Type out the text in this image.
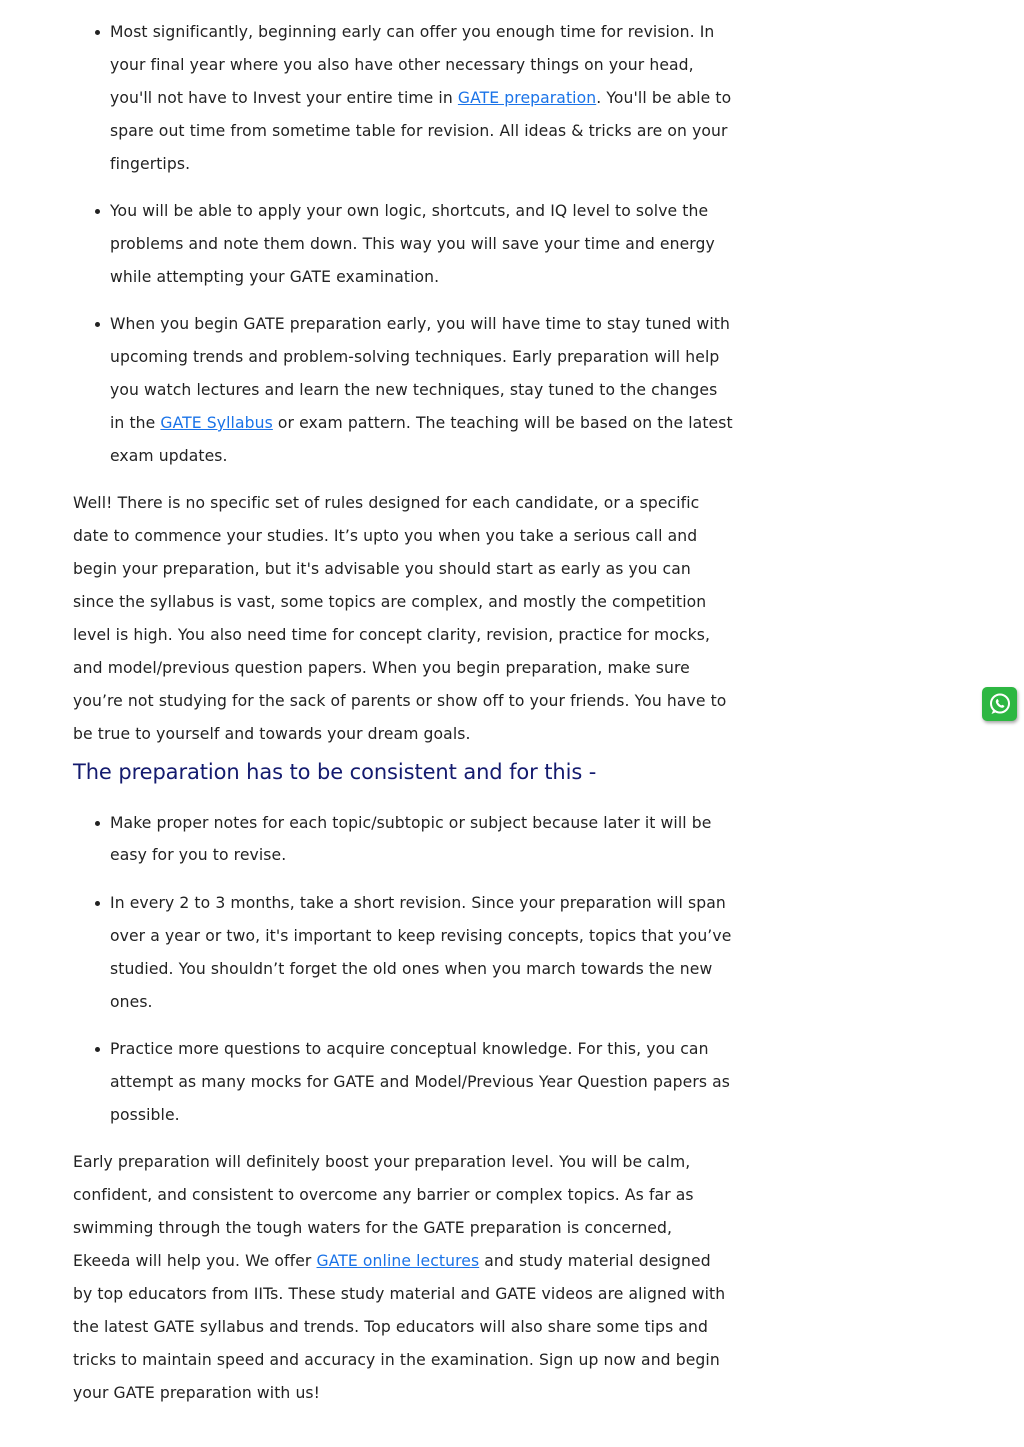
Most significantly, beginning early can offer you enough time for revision. In your final year where you also have other necessary things on your head, you'll not have to Invest your entire time in GATE preparation. You'll be able to spare out time from sometime table for revision. All ideas & tricks are on your fingertips.
You will be able to apply your own logic, shortcuts, and IQ level to solve the problems and note them down. This way you will save your time and energy while attempting your GATE examination.
When you begin GATE preparation early, you will have time to stay tuned with upcoming trends and problem-solving techniques. Early preparation will help you watch lectures and learn the new techniques, stay tuned to the changes in the GATE Syllabus or exam pattern. The teaching will be based on the latest exam updates.

Well! There is no specific set of rules designed for each candidate, or a specific date to commence your studies. It’s upto you when you take a serious call and begin your preparation, but it's advisable you should start as early as you can since the syllabus is vast, some topics are complex, and mostly the competition level is high. You also need time for concept clarity, revision, practice for mocks, and model/previous question papers. When you begin preparation, make sure you’re not studying for the sack of parents or show off to your friends. You have to be true to yourself and towards your dream goals.

The preparation has to be consistent and for this -
Make proper notes for each topic/subtopic or subject because later it will be easy for you to revise.
In every 2 to 3 months, take a short revision. Since your preparation will span over a year or two, it's important to keep revising concepts, topics that you’ve studied. You shouldn’t forget the old ones when you march towards the new ones.
Practice more questions to acquire conceptual knowledge. For this, you can attempt as many mocks for GATE and Model/Previous Year Question papers as possible.

Early preparation will definitely boost your preparation level. You will be calm, confident, and consistent to overcome any barrier or complex topics. As far as swimming through the tough waters for the GATE preparation is concerned, Ekeeda will help you. We offer GATE online lectures and study material designed by top educators from IITs. These study material and GATE videos are aligned with the latest GATE syllabus and trends. Top educators will also share some tips and tricks to maintain speed and accuracy in the examination. Sign up now and begin your GATE preparation with us!
